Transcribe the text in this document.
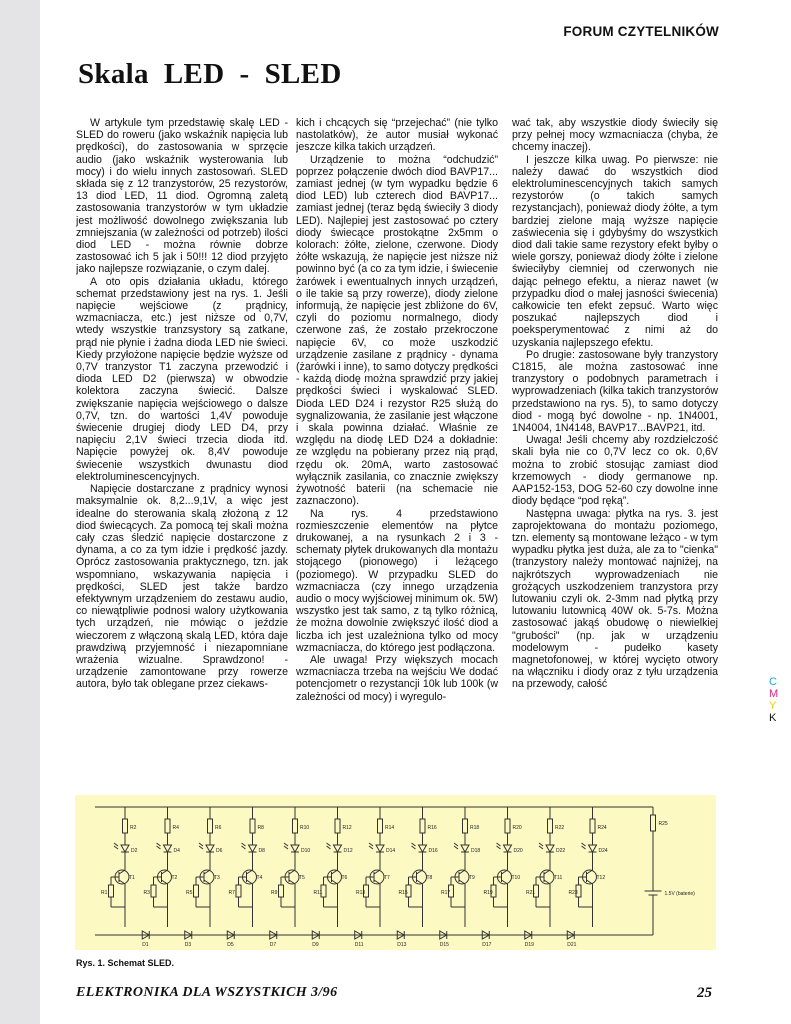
FORUM CZYTELNIKÓW
Skala  LED  -  SLED

W artykule tym przedstawię skalę LED - SLED do roweru (jako wskaźnik napięcia lub prędkości), do zastosowania w sprzęcie audio (jako wskaźnik wysterowania lub mocy) i do wielu innych zastosowań. SLED składa się z 12 tranzystorów, 25 rezystorów, 13 diod LED, 11 diod. Ogromną zaletą zastosowania tranzystorów w tym układzie jest możliwość dowolnego zwiększania lub zmniejszania (w zależności od potrzeb) ilości diod LED - można równie dobrze zastosować ich 5 jak i 50!!! 12 diod przyjęto jako najlepsze rozwiązanie, o czym dalej.

A oto opis działania układu, którego schemat przedstawiony jest na rys. 1. Jeśli napięcie wejściowe (z prądnicy, wzmacniacza, etc.) jest niższe od 0,7V, wtedy wszystkie tranzsystory są zatkane, prąd nie płynie i żadna dioda LED nie świeci. Kiedy przyłożone napięcie będzie wyższe od 0,7V tranzystor T1 zaczyna przewodzić i dioda LED D2 (pierwsza) w obwodzie kolektora zaczyna świecić. Dalsze zwiększanie napięcia wejściowego o dalsze 0,7V, tzn. do wartości 1,4V powoduje świecenie drugiej diody LED D4, przy napięciu 2,1V świeci trzecia dioda itd. Napięcie powyżej ok. 8,4V powoduje świecenie wszystkich dwunastu diod elektroluminescencyjnych.

Napięcie dostarczane z prądnicy wynosi maksymalnie ok. 8,2...9,1V, a więc jest idealne do sterowania skalą złożoną z 12 diod świecących. Za pomocą tej skali można cały czas śledzić napięcie dostarczone z dynama, a co za tym idzie i prędkość jazdy. Oprócz zastosowania praktycznego, tzn. jak wspomniano, wskazywania napięcia i prędkości, SLED jest także bardzo efektywnym urządzeniem do zestawu audio, co niewątpliwie podnosi walory użytkowania tych urządzeń, nie mówiąc o jeździe wieczorem z włączoną skalą LED, która daje prawdziwą przyjemność i niezapomniane wrażenia wizualne. Sprawdzono! - urządzenie zamontowane przy rowerze autora, było tak oblegane przez ciekaws-

kich i chcących się “przejechać” (nie tylko nastolatków), że autor musiał wykonać jeszcze kilka takich urządzeń.

Urządzenie to można “odchudzić” poprzez połączenie dwóch diod BAVP17... zamiast jednej (w tym wypadku będzie 6 diod LED) lub czterech diod BAVP17... zamiast jednej (teraz będą świeciły 3 diody LED). Najlepiej jest zastosować po cztery diody świecące prostokątne 2x5mm o kolorach: żółte, zielone, czerwone. Diody żółte wskazują, że napięcie jest niższe niż powinno być (a co za tym idzie, i świecenie żarówek i ewentualnych innych urządzeń, o ile takie są przy rowerze), diody zielone informują, że napięcie jest zbliżone do 6V, czyli do poziomu normalnego, diody czerwone zaś, że zostało przekroczone napięcie 6V, co może uszkodzić urządzenie zasilane z prądnicy - dynama (żarówki i inne), to samo dotyczy prędkości - każdą diodę można sprawdzić przy jakiej prędkości świeci i wyskalować SLED. Dioda LED D24 i rezystor R25 służą do sygnalizowania, że zasilanie jest włączone i skala powinna działać. Właśnie ze względu na diodę LED D24 a dokładnie: ze względu na pobierany przez nią prąd, rzędu ok. 20mA, warto zastosować wyłącznik zasilania, co znacznie zwiększy żywotność baterii (na schemacie nie zaznaczono).

Na rys. 4 przedstawiono rozmieszczenie elementów na płytce drukowanej, a na rysunkach 2 i 3 - schematy płytek drukowanych dla montażu stojącego (pionowego) i leżącego (poziomego). W przypadku SLED do wzmacniacza (czy innego urządzenia audio o mocy wyjściowej minimum ok. 5W) wszystko jest tak samo, z tą tylko różnicą, że można dowolnie zwiększyć ilość diod a liczba ich jest uzależniona tylko od mocy wzmacniacza, do którego jest podłączona.

Ale uwaga! Przy większych mocach wzmacniacza trzeba na wejściu We dodać potencjometr o rezystancji 10k lub 100k (w zależności od mocy) i wyregulo-

wać tak, aby wszystkie diody świeciły się przy pełnej mocy wzmacniacza (chyba, że chcemy inaczej).

I jeszcze kilka uwag. Po pierwsze: nie należy dawać do wszystkich diod elektroluminescencyjnych takich samych rezystorów (o takich samych rezystancjach), ponieważ diody żółte, a tym bardziej zielone mają wyższe napięcie zaświecenia się i gdybyśmy do wszystkich diod dali takie same rezystory efekt byłby o wiele gorszy, ponieważ diody żółte i zielone świeciłyby ciemniej od czerwonych nie dając pełnego efektu, a nieraz nawet (w przypadku diod o małej jasności świecenia) całkowicie ten efekt zepsuć. Warto więc poszukać najlepszych diod i poeksperymentować z nimi aż do uzyskania najlepszego efektu.

Po drugie: zastosowane były tranzystory C1815, ale można zastosować inne tranzystory o podobnych parametrach i wyprowadzeniach (kilka takich tranzystorów przedstawiono na rys. 5), to samo dotyczy diod - mogą być dowolne - np. 1N4001, 1N4004, 1N4148, BAVP17...BAVP21, itd.

Uwaga! Jeśli chcemy aby rozdzielczość skali była nie co 0,7V lecz co ok. 0,6V można to zrobić stosując zamiast diod krzemowych - diody germanowe np. AAP152-153, DOG 52-60 czy dowolne inne diody będące “pod ręką”.

Następna uwaga: płytka na rys. 3. jest zaprojektowana do montażu poziomego, tzn. elementy są montowane leżąco - w tym wypadku płytka jest duża, ale za to "cienka" (tranzystory należy montować najniżej, na najkrótszych wyprowadzeniach nie grożących uszkodzeniem tranzystora przy lutowaniu czyli ok. 2-3mm nad płytką przy lutowaniu lutownicą 40W ok. 5-7s. Można zastosować jakąś obudowę o niewielkiej "grubości" (np. jak w urządzeniu modelowym - pudełko kasety magnetofonowej, w której wycięto otwory na włączniku i diody oraz z tyłu urządzenia na przewody, całość	C
M
Y
K
R2
D2
T1
R1
D1
R4
D4
T2
R3
D3
R6
D6
T3
R5
D5
R8
D8
T4
R7
D7
R10
D10
T5
R9
D9
R12
D12
T6
R11
D11
R14
D14
T7
R13
D13
R16
D16
T8
R15
D15
R18
D18
T9
R17
D17
R20
D20
T10
R19
D19
R22
D22
T11
R21
D21
R24
D24
T12
R23
R25
1.5V (baterie)
Rys. 1. Schemat SLED.
ELEKTRONIKA DLA WSZYSTKICH 3/96	25
